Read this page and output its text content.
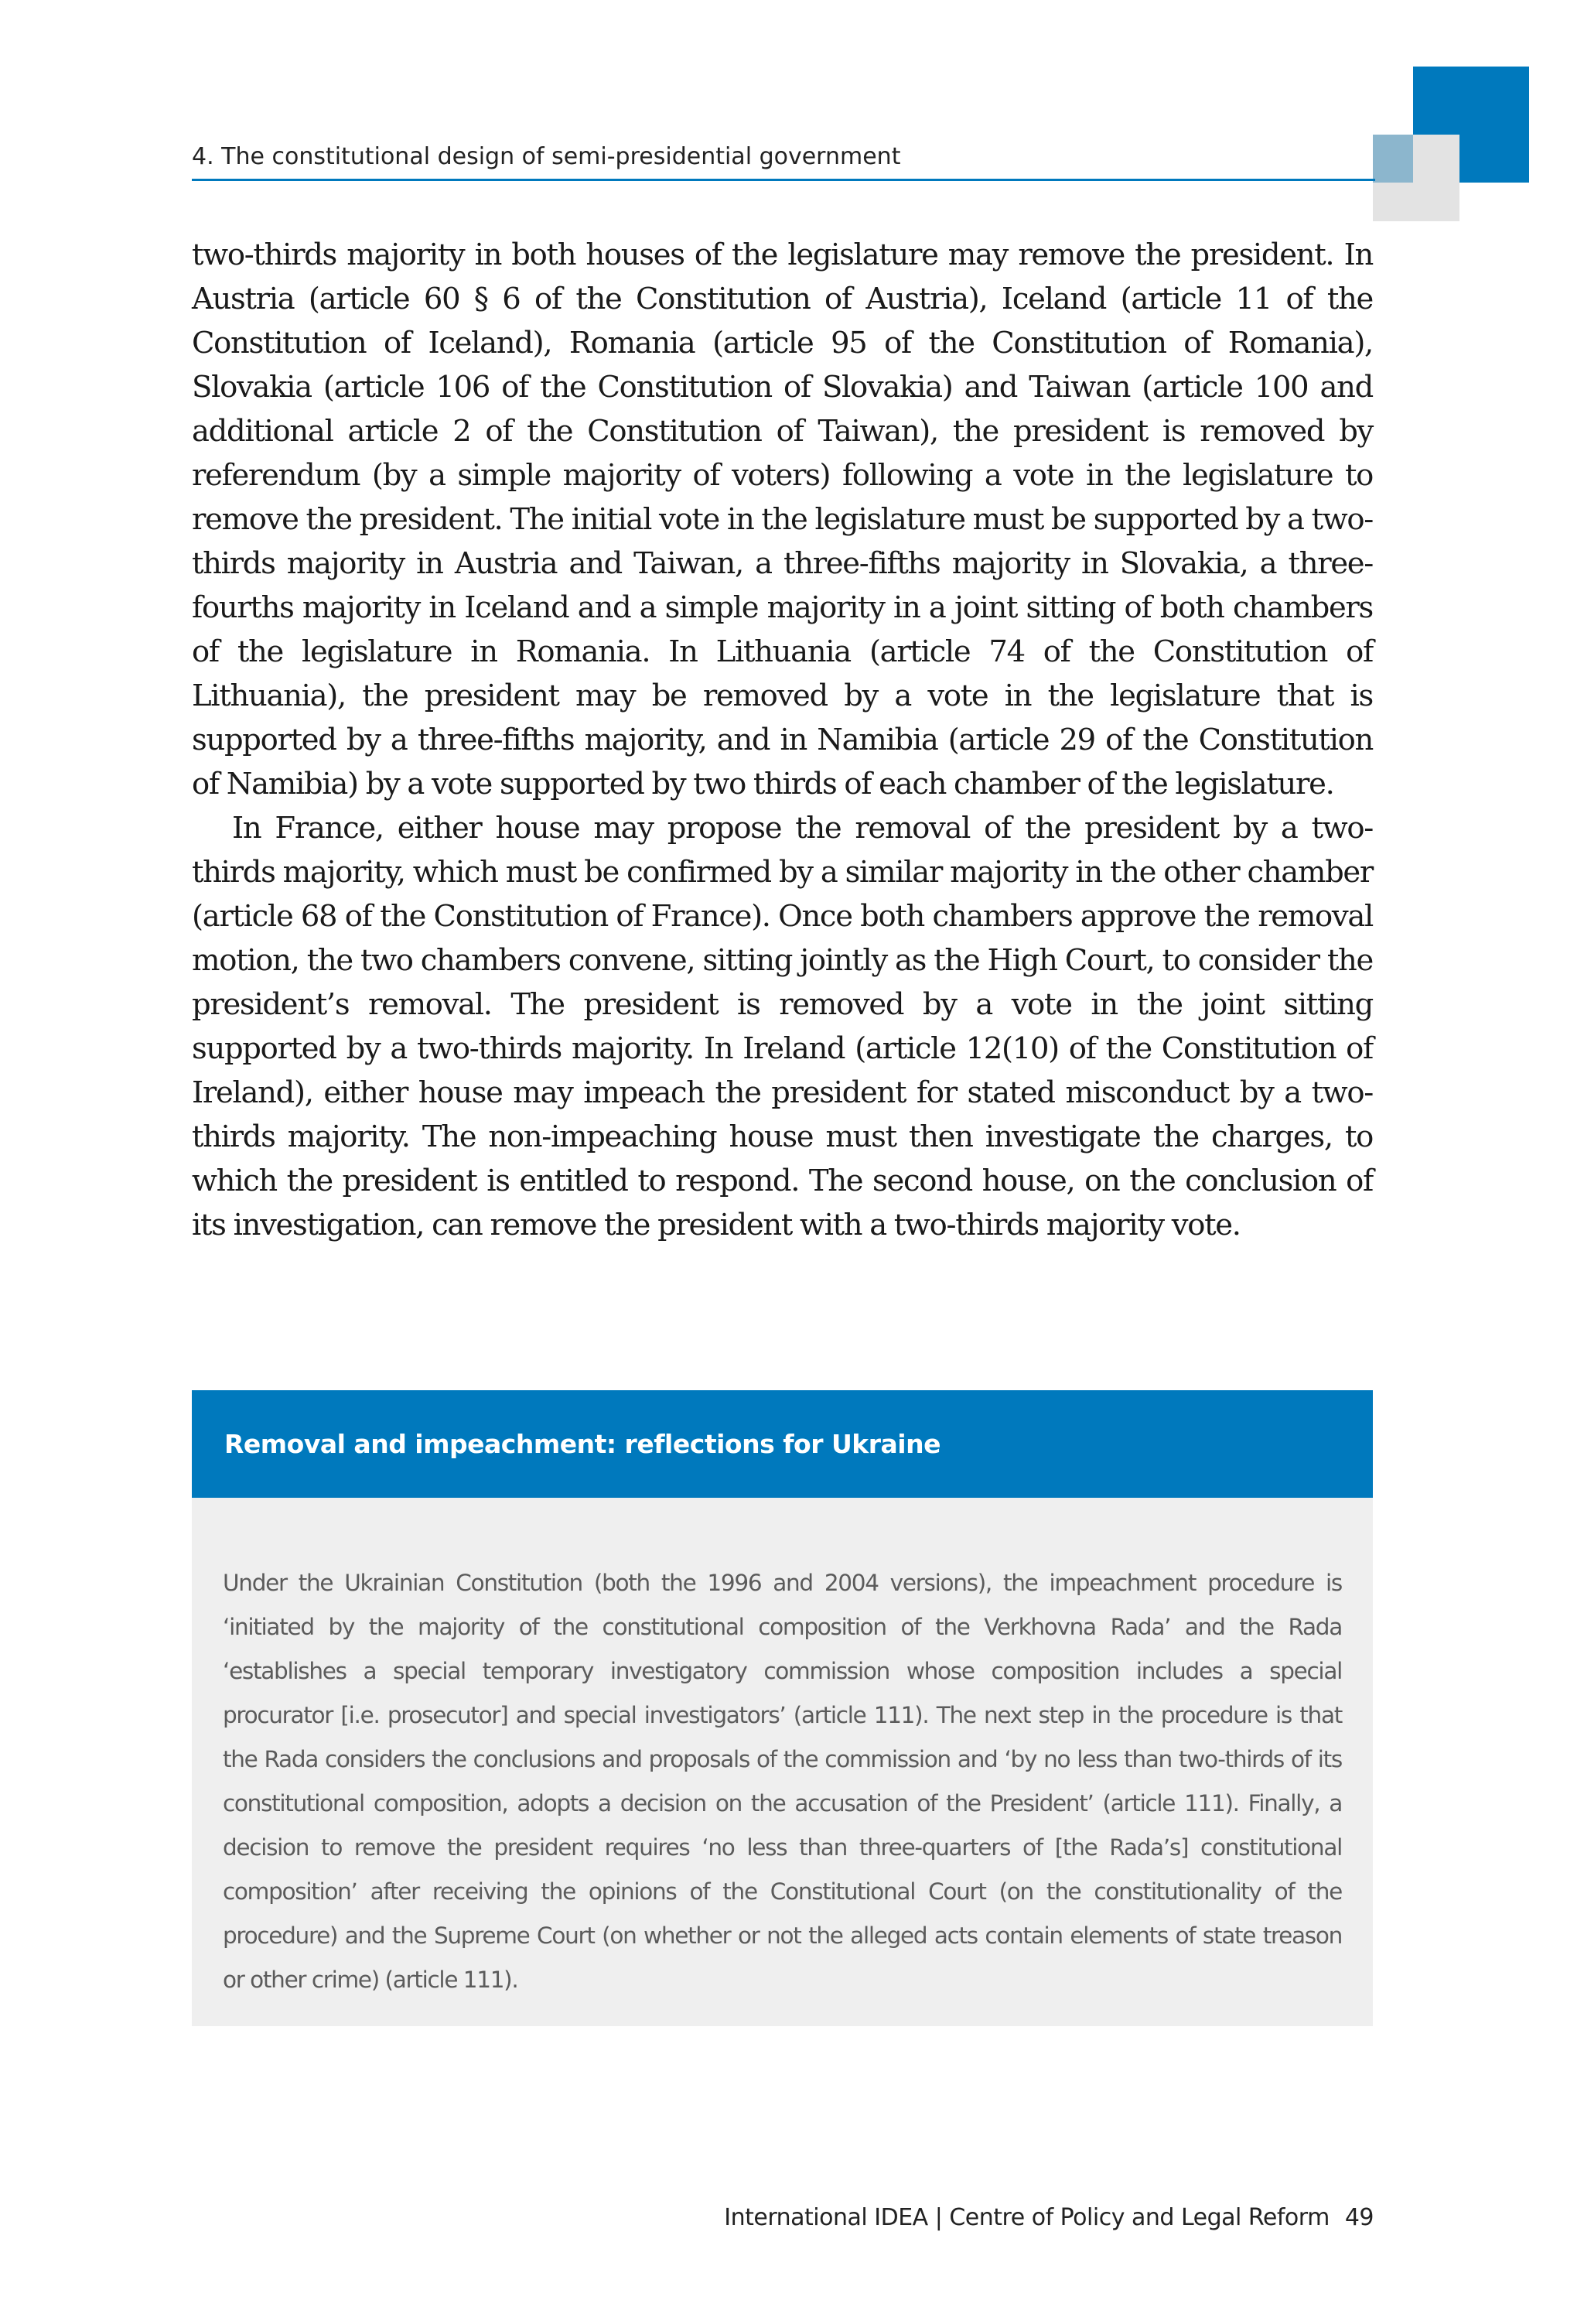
4. The constitutional design of semi-presidential government

two-thirds majority in both houses of the legislature may remove the president. In Austria (article 60 § 6 of the Constitution of Austria), Iceland (article 11 of the Constitution of Iceland), Romania (article 95 of the Constitution of Romania), Slovakia (article 106 of the Constitution of Slovakia) and Taiwan (article 100 and additional article 2 of the Constitution of Taiwan), the president is removed by referendum (by a simple majority of voters) following a vote in the legislature to remove the president. The initial vote in the legislature must be supported by a two-thirds majority in Austria and Taiwan, a three-fifths majority in Slovakia, a three-fourths majority in Iceland and a simple majority in a joint sitting of both chambers of the legislature in Romania. In Lithuania (article 74 of the Constitution of Lithuania), the president may be removed by a vote in the legislature that is supported by a three-fifths majority, and in Namibia (article 29 of the Constitution of Namibia) by a vote supported by two thirds of each chamber of the legislature.

In France, either house may propose the removal of the president by a two-thirds majority, which must be confirmed by a similar majority in the other chamber (article 68 of the Constitution of France). Once both chambers approve the removal motion, the two chambers convene, sitting jointly as the High Court, to consider the president’s removal. The president is removed by a vote in the joint sitting supported by a two-thirds majority. In Ireland (article 12(10) of the Constitution of Ireland), either house may impeach the president for stated misconduct by a two-thirds majority. The non-impeaching house must then investigate the charges, to which the president is entitled to respond. The second house, on the conclusion of its investigation, can remove the president with a two-thirds majority vote.

Removal and impeachment: reflections for Ukraine

Under the Ukrainian Constitution (both the 1996 and 2004 versions), the impeachment procedure is ‘initiated by the majority of the constitutional composition of the Verkhovna Rada’ and the Rada ‘establishes a special temporary investigatory commission whose composition includes a special procurator [i.e. prosecutor] and special investigators’ (article 111). The next step in the procedure is that the Rada considers the conclusions and proposals of the commission and ‘by no less than two-thirds of its constitutional composition, adopts a decision on the accusation of the President’ (article 111). Finally, a decision to remove the president requires ‘no less than three-quarters of [the Rada’s] constitutional composition’ after receiving the opinions of the Constitutional Court (on the constitutionality of the procedure) and the Supreme Court (on whether or not the alleged acts contain elements of state treason or other crime) (article 111).

International IDEA | Centre of Policy and Legal Reform 49
